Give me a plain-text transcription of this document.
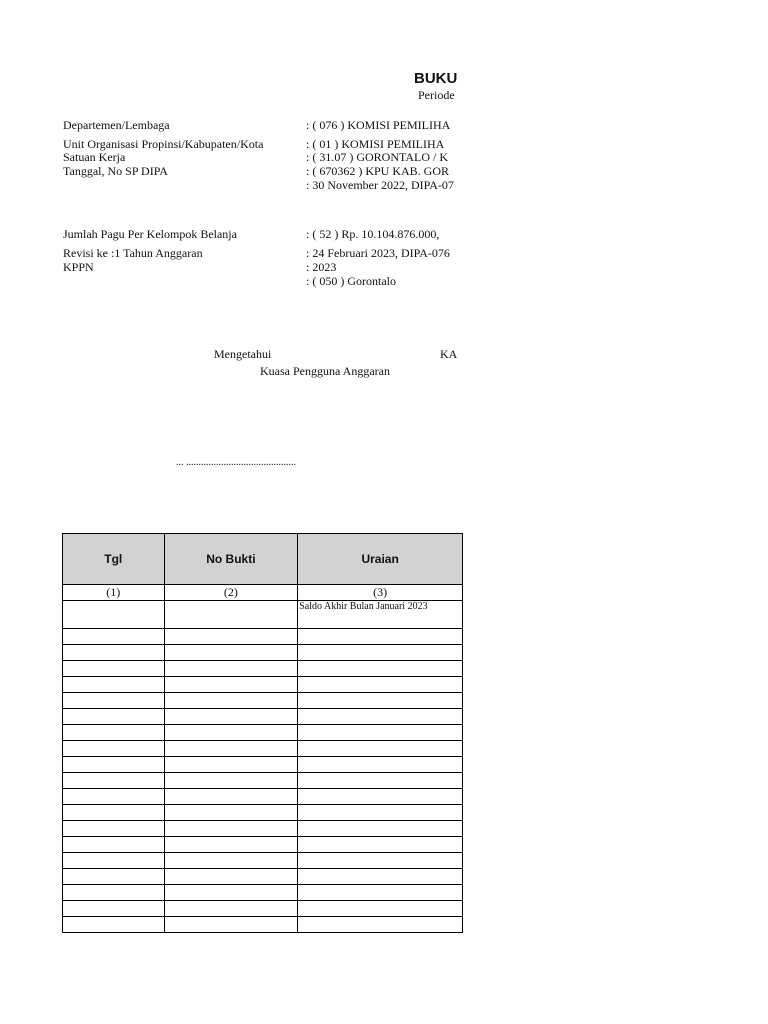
BUKU
Periode
Departemen/Lembaga	: ( 076 ) KOMISI PEMILIHA
Unit Organisasi Propinsi/Kabupaten/Kota	: ( 01 ) KOMISI PEMILIHA
Satuan Kerja	: ( 31.07 ) GORONTALO / K
Tanggal, No SP DIPA	: ( 670362 ) KPU KAB. GOR
: 30 November 2022, DIPA-07
Jumlah Pagu Per Kelompok Belanja	: ( 52 ) Rp. 10.104.876.000,
Revisi ke :1 Tahun Anggaran	: 24 Februari 2023, DIPA-076
KPPN	: 2023
: ( 050 ) Gorontalo
Mengetahui	KA
Kuasa Pengguna Anggaran
... ............................................
Tgl	No Bukti	Uraian
(1)	(2)	(3)

		Saldo Akhir Bulan Januari 2023
